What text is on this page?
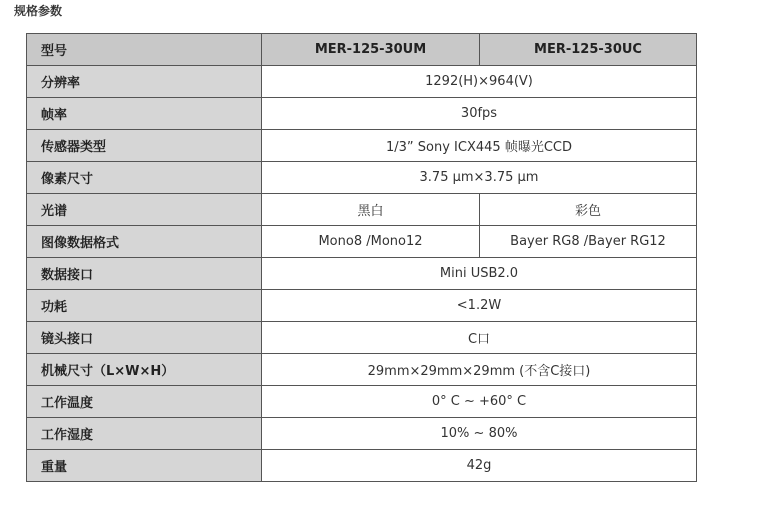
规格参数
型号	MER-125-30UM	MER-125-30UC
分辨率	1292(H)×964(V)	
帧率	30fps	
传感器类型	1/3” Sony ICX445 帧曝光CCD	
像素尺寸	3.75 μm×3.75 μm	
光谱	黑白	彩色
图像数据格式	Mono8 /Mono12	Bayer RG8 /Bayer RG12
数据接口	Mini USB2.0	
功耗	<1.2W	
镜头接口	C口	
机械尺寸（L×W×H）	29mm×29mm×29mm (不含C接口)	
工作温度	0° C ~ +60° C	
工作湿度	10% ~ 80%	
重量	42g	
